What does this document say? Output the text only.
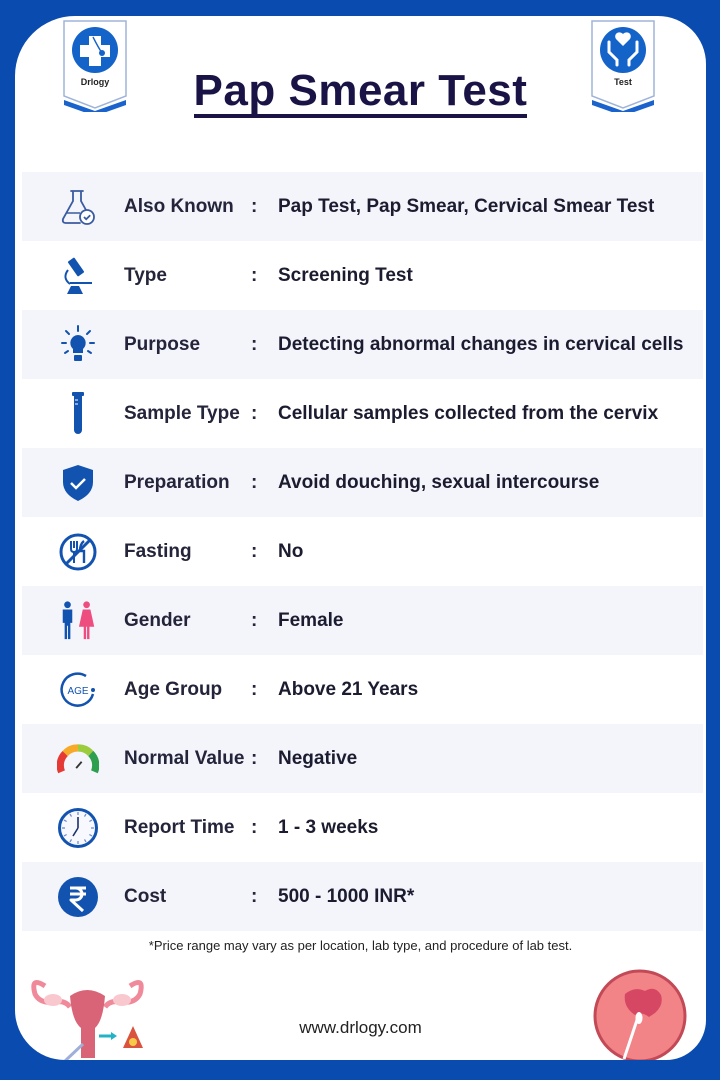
Drlogy	Test
Pap Smear Test
Also Known : Pap Test, Pap Smear, Cervical Smear Test
Type	: Screening Test
Purpose	: Detecting abnormal changes in cervical cells
Sample Type : Cellular samples collected from the cervix
Preparation : Avoid douching, sexual intercourse
Fasting	: No
Gender	: Female
AGE Age Group : Above 21 Years
Normal Value : Negative
Report Time : 1 - 3 weeks
Cost	: 500 - 1000 INR*
*Price range may vary as per location, lab type, and procedure of lab test.
www.drlogy.com
